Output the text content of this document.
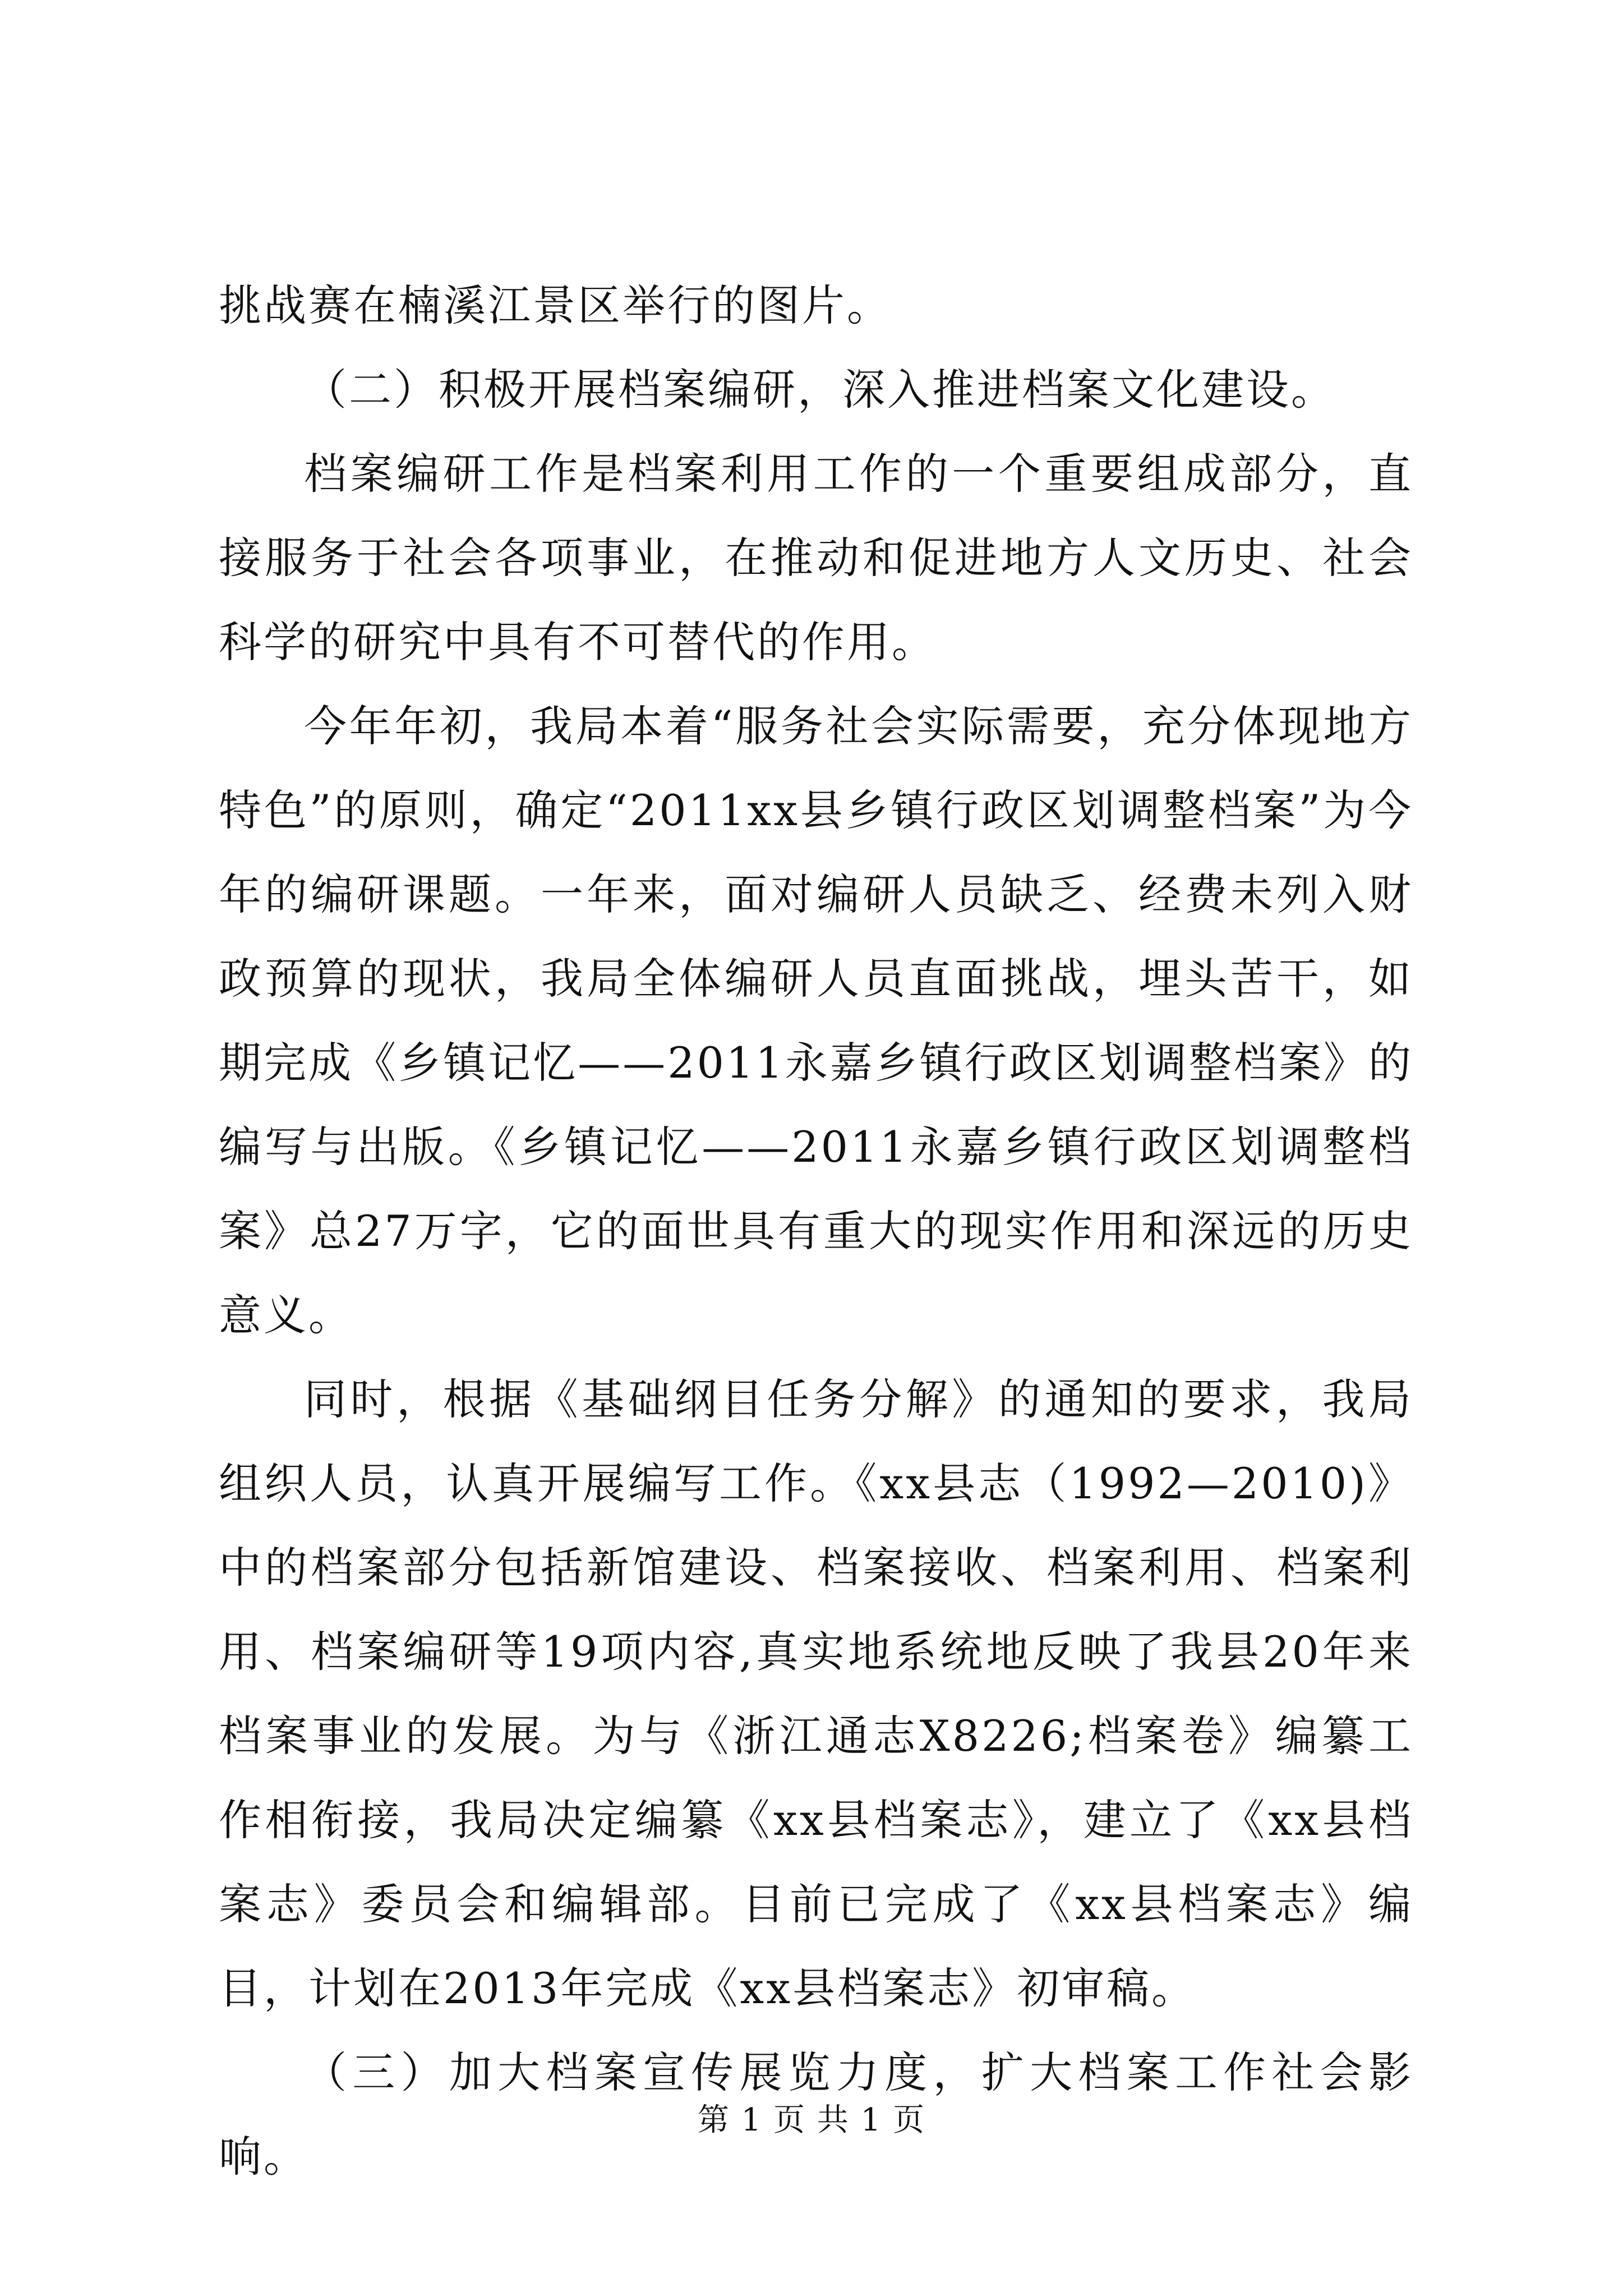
挑战赛在楠溪江景区举行的图片。

（二）积极开展档案编研，深入推进档案文化建设。

档案编研工作是档案利用工作的一个重要组成部分，直接服务于社会各项事业，在推动和促进地方人文历史、社会科学的研究中具有不可替代的作用。

今年年初，我局本着“服务社会实际需要，充分体现地方特色”的原则，确定“2011xx县乡镇行政区划调整档案”为今年的编研课题。一年来，面对编研人员缺乏、经费未列入财政预算的现状，我局全体编研人员直面挑战，埋头苦干，如期完成《乡镇记忆——2011永嘉乡镇行政区划调整档案》的编写与出版。《乡镇记忆——2011永嘉乡镇行政区划调整档案》总27万字，它的面世具有重大的现实作用和深远的历史意义。

同时，根据《基础纲目任务分解》的通知的要求，我局组织人员，认真开展编写工作。《xx县志（1992—2010)》中的档案部分包括新馆建设、档案接收、档案利用、档案利用、档案编研等19项内容,真实地系统地反映了我县20年来档案事业的发展。为与《浙江通志X8226;档案卷》编纂工作相衔接，我局决定编纂《xx县档案志》，建立了《xx县档案志》委员会和编辑部。目前已完成了《xx县档案志》编目，计划在2013年完成《xx县档案志》初审稿。

（三）加大档案宣传展览力度，扩大档案工作社会影响。

第 1 页 共 1 页
